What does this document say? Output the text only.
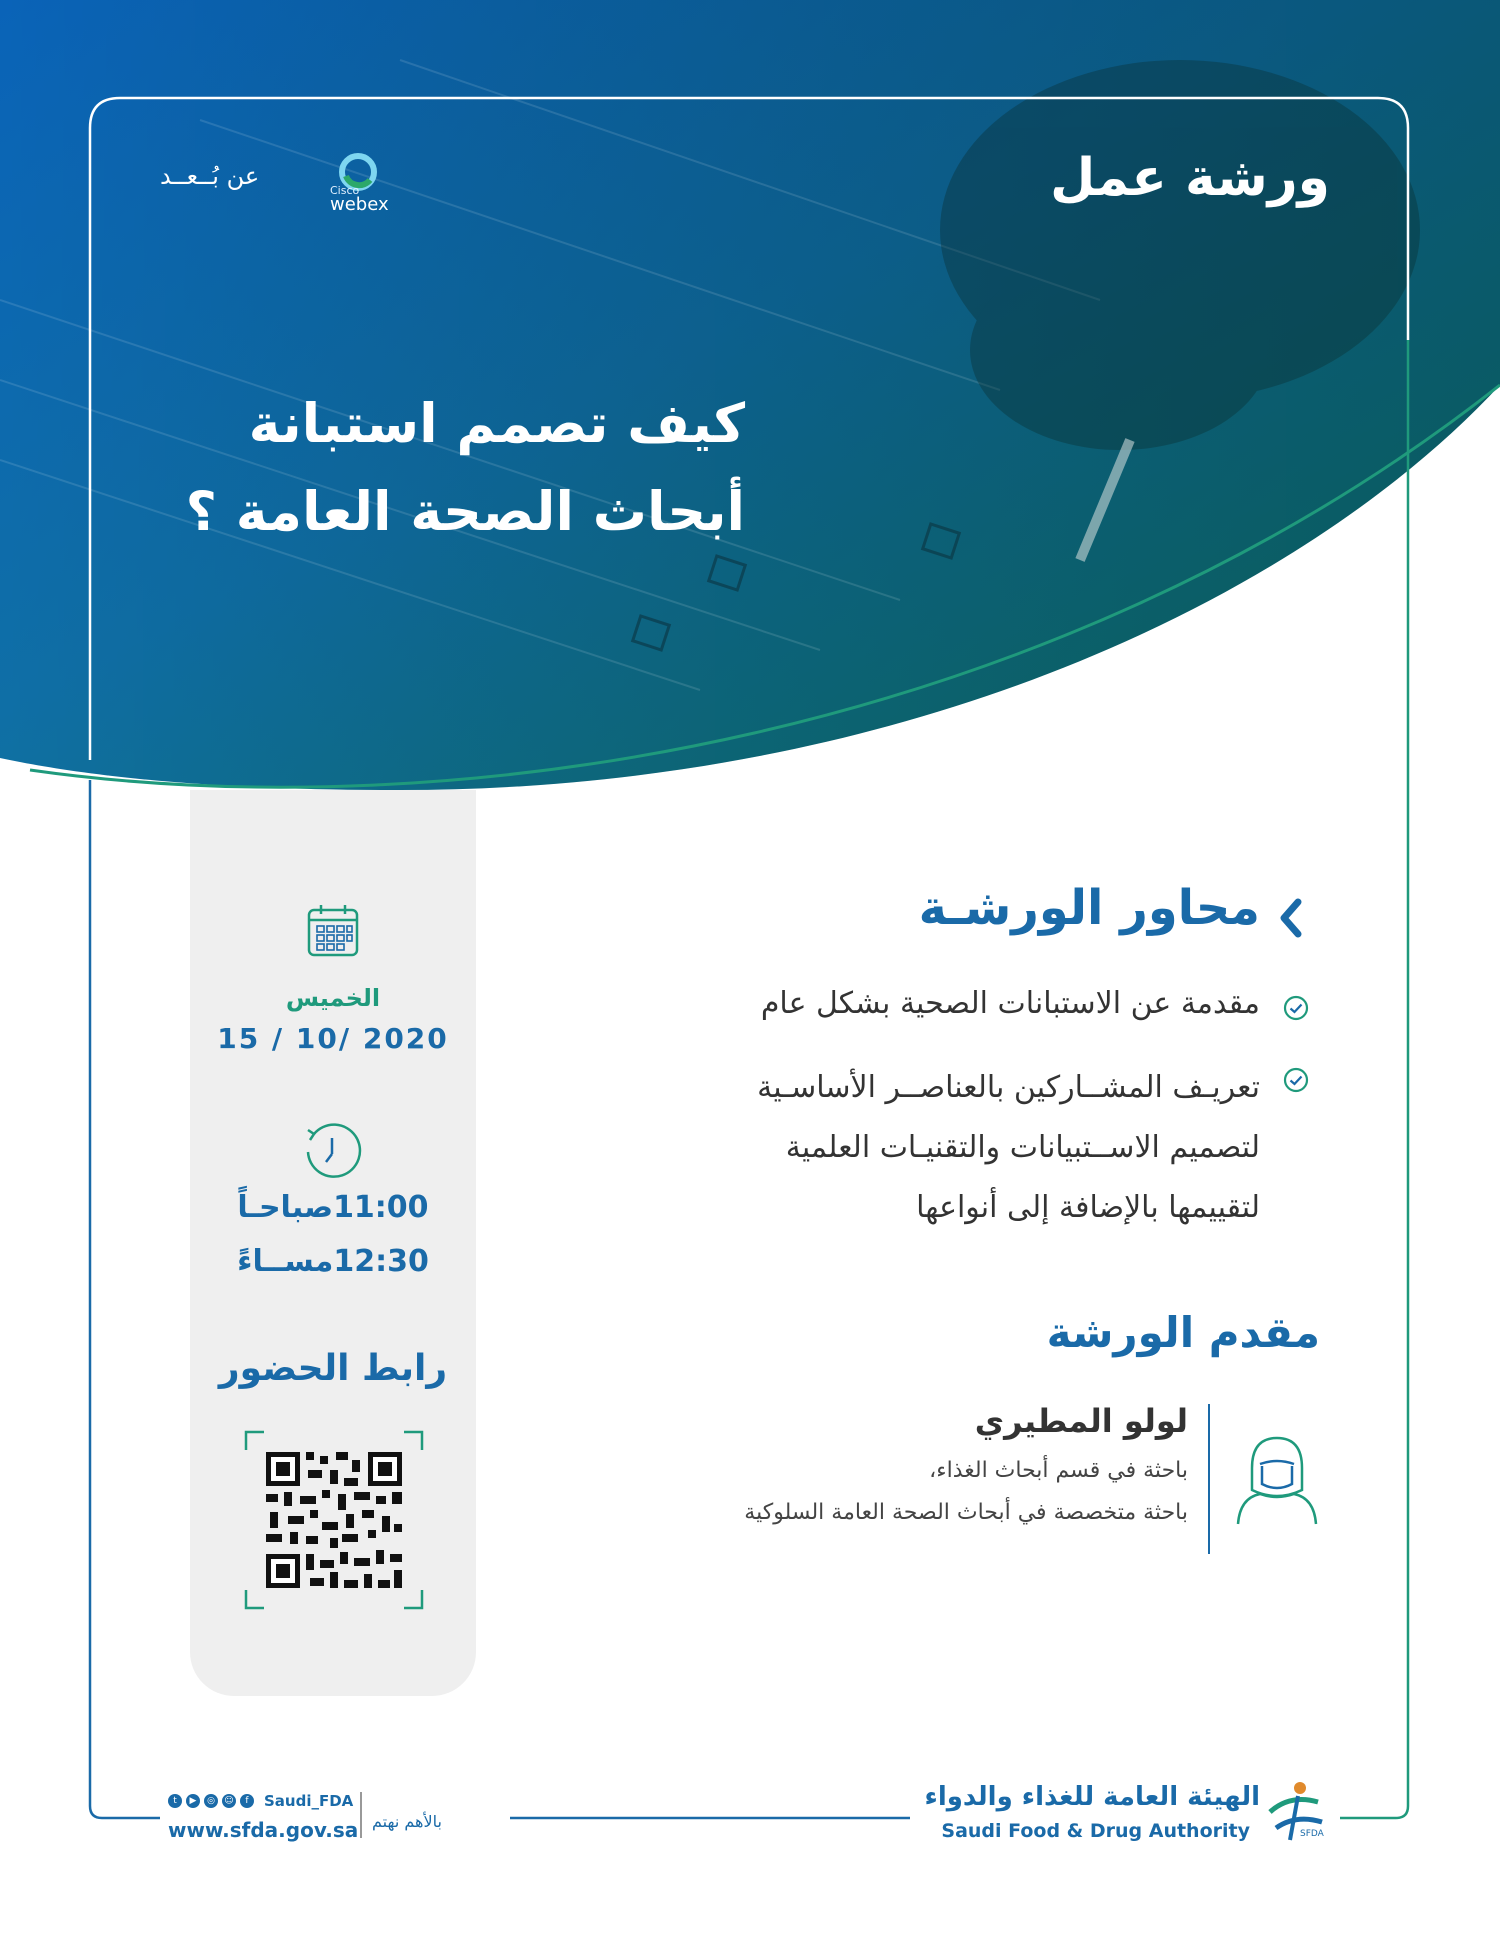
ورشة عمل
عن بُــعــد
Cisco
webex
كيف تصمم استبانة
أبحاث الصحة العامة ؟
الخميس
15 / 10/ 2020
11:00صباحـاً
12:30مســاءً
رابط الحضور
محاور الورشـة
مقدمة عن الاستبانات الصحية بشكل عام
تعريـف المشــاركين بالعناصــر الأساسـية لتصميم الاســتبيانات والتقنيـات العلمية لتقييمها بالإضافة إلى أنواعها
مقدم الورشة
لولو المطيري
باحثة في قسم أبحاث الغذاء،
باحثة متخصصة في أبحاث الصحة العامة السلوكية
t	▶	◎	☺	f	Saudi_FDA
www.sfda.gov.sa بالأهم نهتم
الهيئة العامة للغذاء والدواء
Saudi Food & Drug Authority	SFDA
